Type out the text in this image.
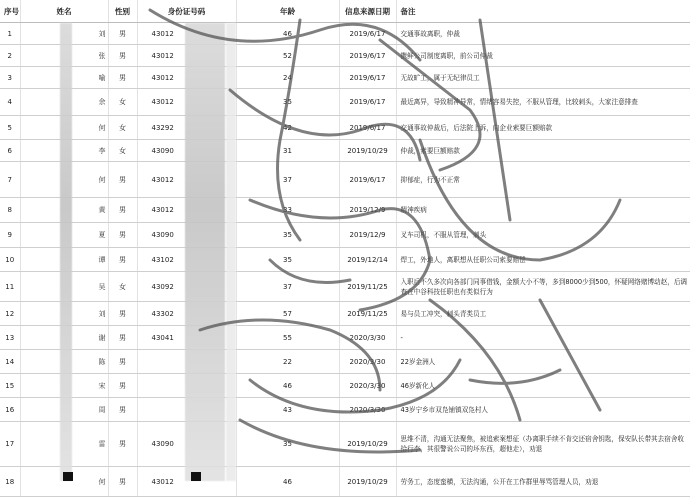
序号	姓名	性别	身份证号码	年龄	信息来源日期	备注
1	刘	男	43012	46	2019/6/17	交通事故离职，仲裁
2	张	男	43012	52	2019/6/17	携鲜公司制度离职，前公司仲裁
3	喻	男	43012	24	2019/6/17	无故旷工，属于无纪律员工
4	余	女	43012	35	2019/6/17	最近离异，导致精神异常，情绪容易失控，不服从管理，比较刺头，大家注意排查
5	何	女	43292	42	2019/6/17	交通事故仲裁后，后法院上诉，向企业索要巨额赔款
6	李	女	43090	31	2019/10/29	仲裁，索要巨额赔款
7	何	男	43012	37	2019/6/17	抑郁症，行为不正常
8	黄	男	43012	33	2019/12/9	精神疾病
9	夏	男	43090	35	2019/12/9	叉车司机，不服从管理，刺头
10	谭	男	43102	35	2019/12/14	焊工，外地人，离职想从任职公司索要赔偿
11	吴	女	43092	37	2019/11/25	入职后不久多次向各部门同事借钱，金额大小不等，多到8000少到500，怀疑网络赌博动赵，后调查在中谷科技任职也有类似行为
12	刘	男	43302	57	2019/11/25	易与员工冲突，刺头青类员工
13	谢	男	43041	55	2020/3/30	-
14	陈	男		22	2020/3/30	22岁金洲人
15	宋	男		46	2020/3/30	46岁新化人
16	周	男		43	2020/3/30	43岁宁乡市双凫铺镇双凫村人
17	雷	男	43090	35	2019/10/29	思维不清，沟通无法聚焦，被追索案想征（办离职手续不肯交还宿舍钥匙，保安队长带其去宿舍收拾行李，其很警说公司的坏东西，超他走），劝退
18	何	男	43012	46	2019/10/29	劳务工，态度蛮横，无法沟通，公开在工作群里辱骂管理人员，劝退
